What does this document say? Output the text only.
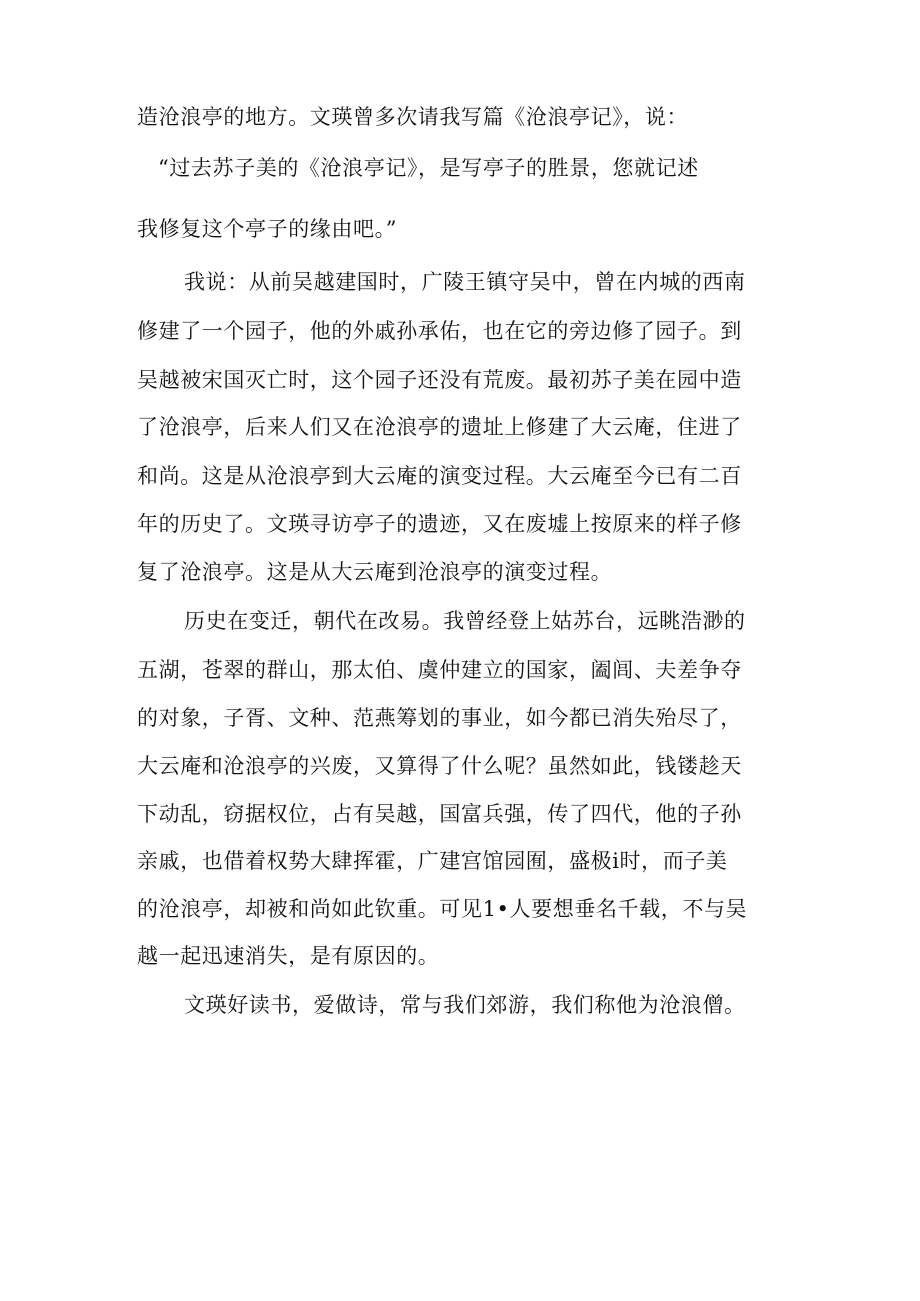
造沧浪亭的地方。文瑛曾多次请我写篇《沧浪亭记》，说：
“过去苏子美的《沧浪亭记》，是写亭子的胜景，您就记述
我修复这个亭子的缘由吧。”
我说：从前吴越建国时，广陵王镇守吴中，曾在内城的西南
修建了一个园子，他的外戚孙承佑，也在它的旁边修了园子。到
吴越被宋国灭亡时，这个园子还没有荒废。最初苏子美在园中造
了沧浪亭，后来人们又在沧浪亭的遗址上修建了大云庵，住进了
和尚。这是从沧浪亭到大云庵的演变过程。大云庵至今已有二百
年的历史了。文瑛寻访亭子的遗迹，又在废墟上按原来的样子修
复了沧浪亭。这是从大云庵到沧浪亭的演变过程。
历史在变迁，朝代在改易。我曾经登上姑苏台，远眺浩渺的
五湖，苍翠的群山，那太伯、虞仲建立的国家，阖闾、夫差争夺
的对象，子胥、文种、范燕筹划的事业，如今都已消失殆尽了，
大云庵和沧浪亭的兴废，又算得了什么呢？虽然如此，钱镂趁天
下动乱，窃据权位，占有吴越，国富兵强，传了四代，他的子孙
亲戚，也借着权势大肆挥霍，广建宫馆园囿，盛极i时，而子美
的沧浪亭，却被和尚如此钦重。可见1•人要想垂名千载，不与吴
越一起迅速消失，是有原因的。
文瑛好读书，爱做诗，常与我们郊游，我们称他为沧浪僧。
